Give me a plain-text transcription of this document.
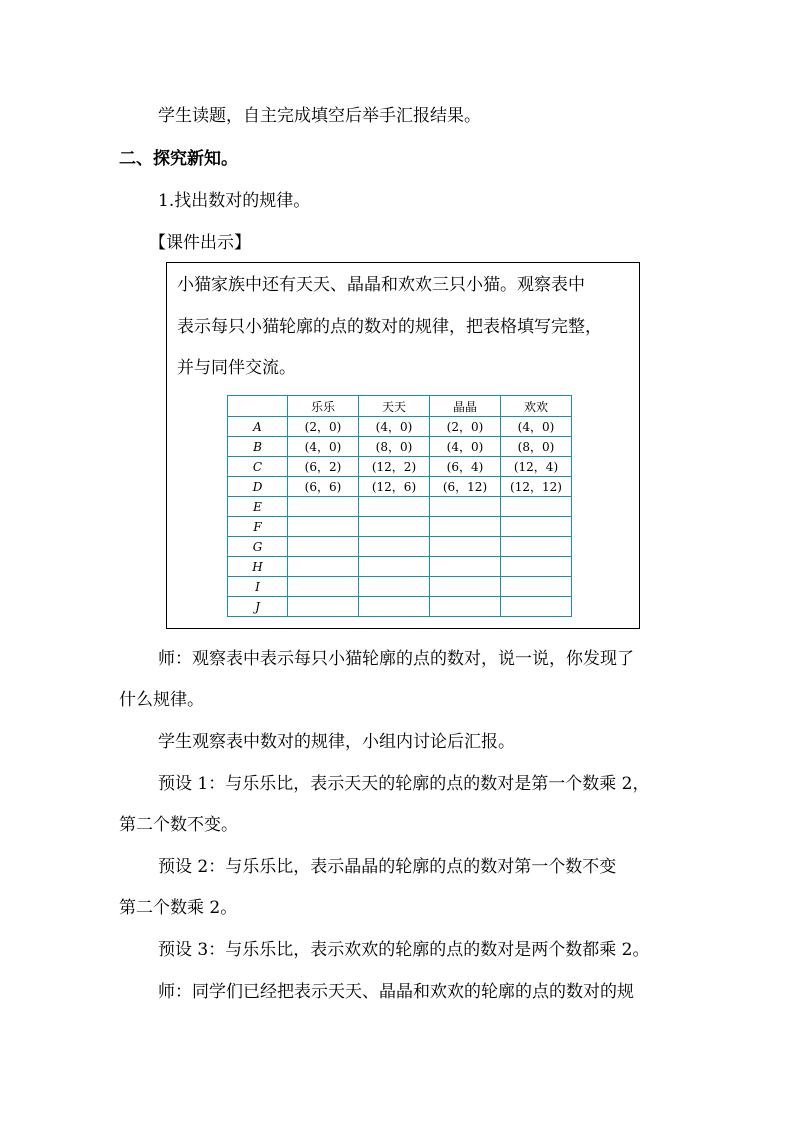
学生读题，自主完成填空后举手汇报结果。
二、探究新知。
1.找出数对的规律。
【课件出示】
小猫家族中还有天天、晶晶和欢欢三只小猫。观察表中
表示每只小猫轮廓的点的数对的规律，把表格填写完整，
并与同伴交流。
	乐乐	天天	晶晶	欢欢
A	(2，0)	(4，0)	(2，0)	(4，0)
B	(4，0)	(8，0)	(4，0)	(8，0)
C	(6，2)	(12，2)	(6，4)	(12，4)
D	(6，6)	(12，6)	(6，12)	(12，12)
E				
F				
G				
H				
I				
J				
师：观察表中表示每只小猫轮廓的点的数对，说一说，你发现了
什么规律。
学生观察表中数对的规律，小组内讨论后汇报。
预设 1：与乐乐比，表示天天的轮廓的点的数对是第一个数乘 2，
第二个数不变。
预设 2：与乐乐比，表示晶晶的轮廓的点的数对第一个数不变
第二个数乘 2。
预设 3：与乐乐比，表示欢欢的轮廓的点的数对是两个数都乘 2。
师：同学们已经把表示天天、晶晶和欢欢的轮廓的点的数对的规
